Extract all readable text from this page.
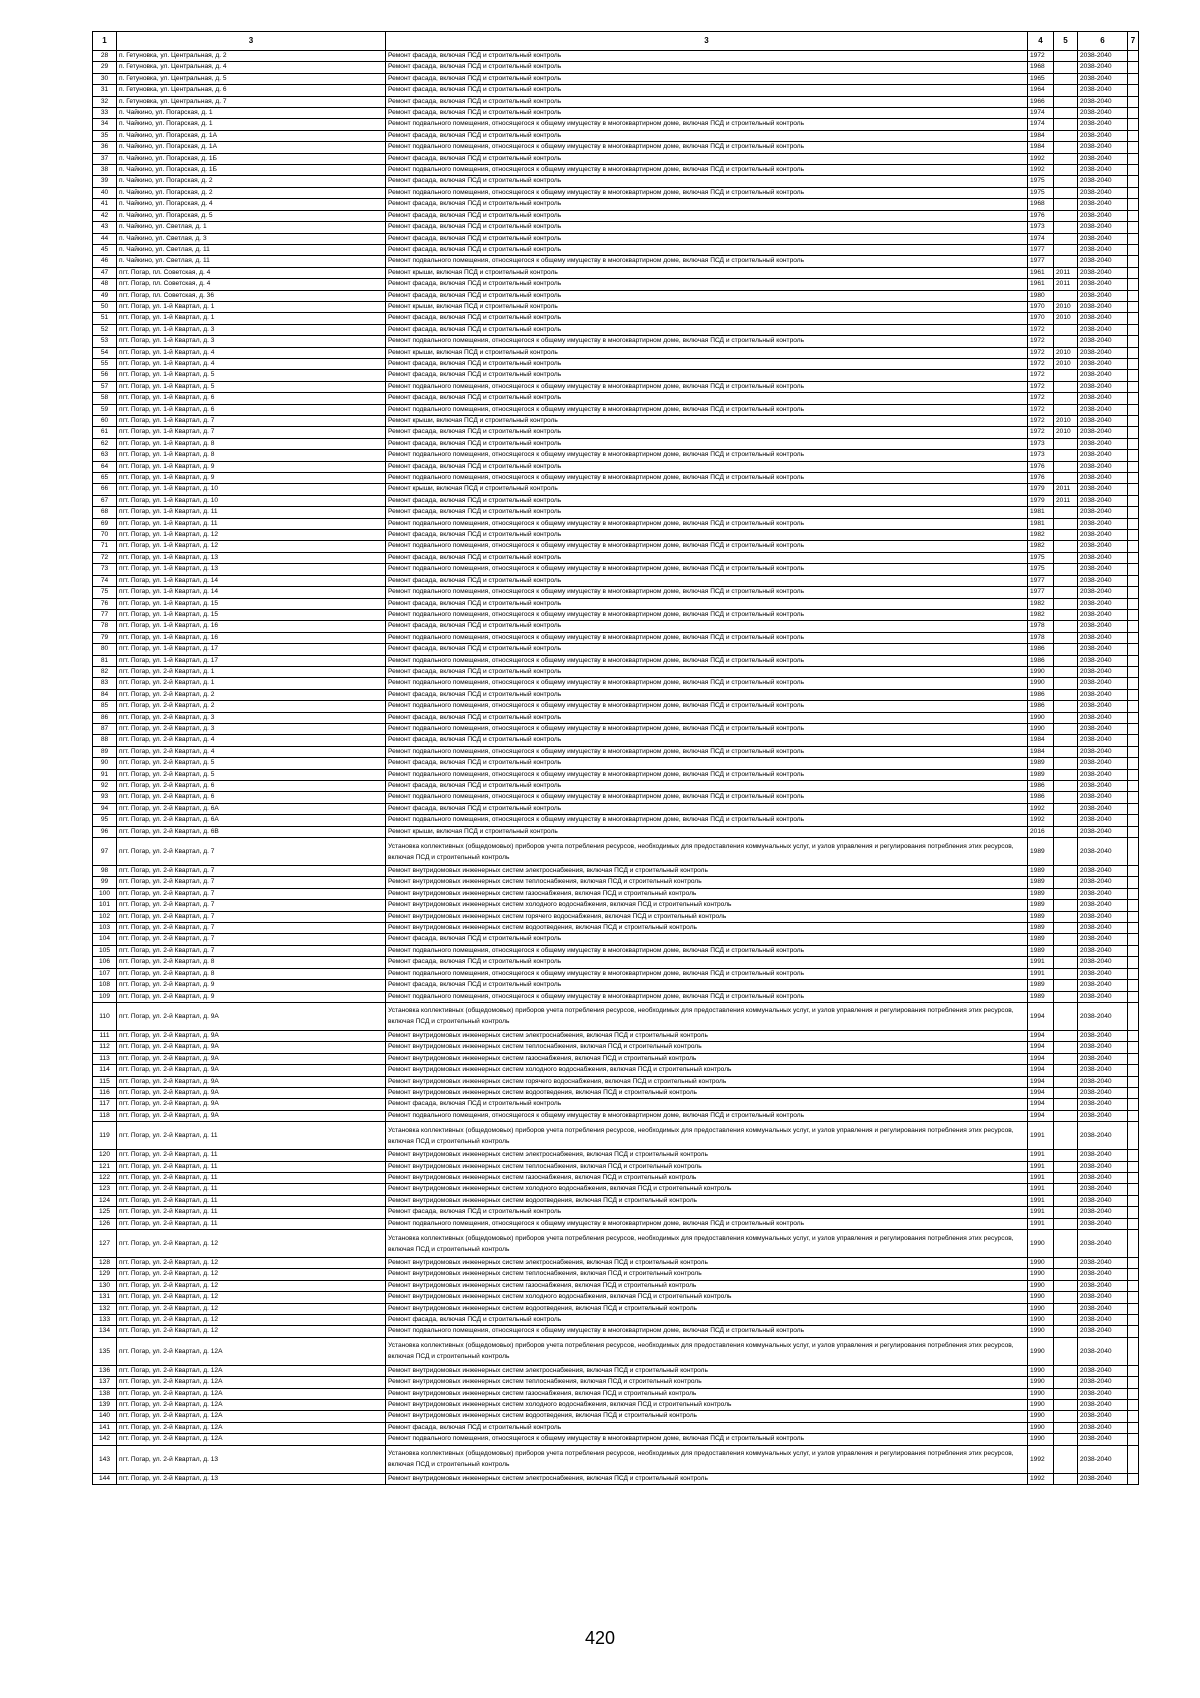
1	3	3	4	5	6	7
28	п. Гетуновка, ул. Центральная, д. 2	Ремонт фасада, включая ПСД и строительный контроль	1972		2038-2040	
29	п. Гетуновка, ул. Центральная, д. 4	Ремонт фасада, включая ПСД и строительный контроль	1968		2038-2040	
30	п. Гетуновка, ул. Центральная, д. 5	Ремонт фасада, включая ПСД и строительный контроль	1965		2038-2040	
31	п. Гетуновка, ул. Центральная, д. 6	Ремонт фасада, включая ПСД и строительный контроль	1964		2038-2040	
32	п. Гетуновка, ул. Центральная, д. 7	Ремонт фасада, включая ПСД и строительный контроль	1966		2038-2040	
33	п. Чайкино, ул. Погарская, д. 1	Ремонт фасада, включая ПСД и строительный контроль	1974		2038-2040	
34	п. Чайкино, ул. Погарская, д. 1	Ремонт подвального помещения, относящегося к общему имуществу в многоквартирном доме, включая ПСД и строительный контроль	1974		2038-2040	
35	п. Чайкино, ул. Погарская, д. 1А	Ремонт фасада, включая ПСД и строительный контроль	1984		2038-2040	
36	п. Чайкино, ул. Погарская, д. 1А	Ремонт подвального помещения, относящегося к общему имуществу в многоквартирном доме, включая ПСД и строительный контроль	1984		2038-2040	
37	п. Чайкино, ул. Погарская, д. 1Б	Ремонт фасада, включая ПСД и строительный контроль	1992		2038-2040	
38	п. Чайкино, ул. Погарская, д. 1Б	Ремонт подвального помещения, относящегося к общему имуществу в многоквартирном доме, включая ПСД и строительный контроль	1992		2038-2040	
39	п. Чайкино, ул. Погарская, д. 2	Ремонт фасада, включая ПСД и строительный контроль	1975		2038-2040	
40	п. Чайкино, ул. Погарская, д. 2	Ремонт подвального помещения, относящегося к общему имуществу в многоквартирном доме, включая ПСД и строительный контроль	1975		2038-2040	
41	п. Чайкино, ул. Погарская, д. 4	Ремонт фасада, включая ПСД и строительный контроль	1968		2038-2040	
42	п. Чайкино, ул. Погарская, д. 5	Ремонт фасада, включая ПСД и строительный контроль	1976		2038-2040	
43	п. Чайкино, ул. Светлая, д. 1	Ремонт фасада, включая ПСД и строительный контроль	1973		2038-2040	
44	п. Чайкино, ул. Светлая, д. 3	Ремонт фасада, включая ПСД и строительный контроль	1974		2038-2040	
45	п. Чайкино, ул. Светлая, д. 11	Ремонт фасада, включая ПСД и строительный контроль	1977		2038-2040	
46	п. Чайкино, ул. Светлая, д. 11	Ремонт подвального помещения, относящегося к общему имуществу в многоквартирном доме, включая ПСД и строительный контроль	1977		2038-2040	
47	пгт. Погар, пл. Советская, д. 4	Ремонт крыши, включая ПСД и строительный контроль	1961	2011	2038-2040	
48	пгт. Погар, пл. Советская, д. 4	Ремонт фасада, включая ПСД и строительный контроль	1961	2011	2038-2040	
49	пгт. Погар, пл. Советская, д. 36	Ремонт фасада, включая ПСД и строительный контроль	1980		2038-2040	
50	пгт. Погар, ул. 1-й Квартал, д. 1	Ремонт крыши, включая ПСД и строительный контроль	1970	2010	2038-2040	
51	пгт. Погар, ул. 1-й Квартал, д. 1	Ремонт фасада, включая ПСД и строительный контроль	1970	2010	2038-2040	
52	пгт. Погар, ул. 1-й Квартал, д. 3	Ремонт фасада, включая ПСД и строительный контроль	1972		2038-2040	
53	пгт. Погар, ул. 1-й Квартал, д. 3	Ремонт подвального помещения, относящегося к общему имуществу в многоквартирном доме, включая ПСД и строительный контроль	1972		2038-2040	
54	пгт. Погар, ул. 1-й Квартал, д. 4	Ремонт крыши, включая ПСД и строительный контроль	1972	2010	2038-2040	
55	пгт. Погар, ул. 1-й Квартал, д. 4	Ремонт фасада, включая ПСД и строительный контроль	1972	2010	2038-2040	
56	пгт. Погар, ул. 1-й Квартал, д. 5	Ремонт фасада, включая ПСД и строительный контроль	1972		2038-2040	
57	пгт. Погар, ул. 1-й Квартал, д. 5	Ремонт подвального помещения, относящегося к общему имуществу в многоквартирном доме, включая ПСД и строительный контроль	1972		2038-2040	
58	пгт. Погар, ул. 1-й Квартал, д. 6	Ремонт фасада, включая ПСД и строительный контроль	1972		2038-2040	
59	пгт. Погар, ул. 1-й Квартал, д. 6	Ремонт подвального помещения, относящегося к общему имуществу в многоквартирном доме, включая ПСД и строительный контроль	1972		2038-2040	
60	пгт. Погар, ул. 1-й Квартал, д. 7	Ремонт крыши, включая ПСД и строительный контроль	1972	2010	2038-2040	
61	пгт. Погар, ул. 1-й Квартал, д. 7	Ремонт фасада, включая ПСД и строительный контроль	1972	2010	2038-2040	
62	пгт. Погар, ул. 1-й Квартал, д. 8	Ремонт фасада, включая ПСД и строительный контроль	1973		2038-2040	
63	пгт. Погар, ул. 1-й Квартал, д. 8	Ремонт подвального помещения, относящегося к общему имуществу в многоквартирном доме, включая ПСД и строительный контроль	1973		2038-2040	
64	пгт. Погар, ул. 1-й Квартал, д. 9	Ремонт фасада, включая ПСД и строительный контроль	1976		2038-2040	
65	пгт. Погар, ул. 1-й Квартал, д. 9	Ремонт подвального помещения, относящегося к общему имуществу в многоквартирном доме, включая ПСД и строительный контроль	1976		2038-2040	
66	пгт. Погар, ул. 1-й Квартал, д. 10	Ремонт крыши, включая ПСД и строительный контроль	1979	2011	2038-2040	
67	пгт. Погар, ул. 1-й Квартал, д. 10	Ремонт фасада, включая ПСД и строительный контроль	1979	2011	2038-2040	
68	пгт. Погар, ул. 1-й Квартал, д. 11	Ремонт фасада, включая ПСД и строительный контроль	1981		2038-2040	
69	пгт. Погар, ул. 1-й Квартал, д. 11	Ремонт подвального помещения, относящегося к общему имуществу в многоквартирном доме, включая ПСД и строительный контроль	1981		2038-2040	
70	пгт. Погар, ул. 1-й Квартал, д. 12	Ремонт фасада, включая ПСД и строительный контроль	1982		2038-2040	
71	пгт. Погар, ул. 1-й Квартал, д. 12	Ремонт подвального помещения, относящегося к общему имуществу в многоквартирном доме, включая ПСД и строительный контроль	1982		2038-2040	
72	пгт. Погар, ул. 1-й Квартал, д. 13	Ремонт фасада, включая ПСД и строительный контроль	1975		2038-2040	
73	пгт. Погар, ул. 1-й Квартал, д. 13	Ремонт подвального помещения, относящегося к общему имуществу в многоквартирном доме, включая ПСД и строительный контроль	1975		2038-2040	
74	пгт. Погар, ул. 1-й Квартал, д. 14	Ремонт фасада, включая ПСД и строительный контроль	1977		2038-2040	
75	пгт. Погар, ул. 1-й Квартал, д. 14	Ремонт подвального помещения, относящегося к общему имуществу в многоквартирном доме, включая ПСД и строительный контроль	1977		2038-2040	
76	пгт. Погар, ул. 1-й Квартал, д. 15	Ремонт фасада, включая ПСД и строительный контроль	1982		2038-2040	
77	пгт. Погар, ул. 1-й Квартал, д. 15	Ремонт подвального помещения, относящегося к общему имуществу в многоквартирном доме, включая ПСД и строительный контроль	1982		2038-2040	
78	пгт. Погар, ул. 1-й Квартал, д. 16	Ремонт фасада, включая ПСД и строительный контроль	1978		2038-2040	
79	пгт. Погар, ул. 1-й Квартал, д. 16	Ремонт подвального помещения, относящегося к общему имуществу в многоквартирном доме, включая ПСД и строительный контроль	1978		2038-2040	
80	пгт. Погар, ул. 1-й Квартал, д. 17	Ремонт фасада, включая ПСД и строительный контроль	1986		2038-2040	
81	пгт. Погар, ул. 1-й Квартал, д. 17	Ремонт подвального помещения, относящегося к общему имуществу в многоквартирном доме, включая ПСД и строительный контроль	1986		2038-2040	
82	пгт. Погар, ул. 2-й Квартал, д. 1	Ремонт фасада, включая ПСД и строительный контроль	1990		2038-2040	
83	пгт. Погар, ул. 2-й Квартал, д. 1	Ремонт подвального помещения, относящегося к общему имуществу в многоквартирном доме, включая ПСД и строительный контроль	1990		2038-2040	
84	пгт. Погар, ул. 2-й Квартал, д. 2	Ремонт фасада, включая ПСД и строительный контроль	1986		2038-2040	
85	пгт. Погар, ул. 2-й Квартал, д. 2	Ремонт подвального помещения, относящегося к общему имуществу в многоквартирном доме, включая ПСД и строительный контроль	1986		2038-2040	
86	пгт. Погар, ул. 2-й Квартал, д. 3	Ремонт фасада, включая ПСД и строительный контроль	1990		2038-2040	
87	пгт. Погар, ул. 2-й Квартал, д. 3	Ремонт подвального помещения, относящегося к общему имуществу в многоквартирном доме, включая ПСД и строительный контроль	1990		2038-2040	
88	пгт. Погар, ул. 2-й Квартал, д. 4	Ремонт фасада, включая ПСД и строительный контроль	1984		2038-2040	
89	пгт. Погар, ул. 2-й Квартал, д. 4	Ремонт подвального помещения, относящегося к общему имуществу в многоквартирном доме, включая ПСД и строительный контроль	1984		2038-2040	
90	пгт. Погар, ул. 2-й Квартал, д. 5	Ремонт фасада, включая ПСД и строительный контроль	1989		2038-2040	
91	пгт. Погар, ул. 2-й Квартал, д. 5	Ремонт подвального помещения, относящегося к общему имуществу в многоквартирном доме, включая ПСД и строительный контроль	1989		2038-2040	
92	пгт. Погар, ул. 2-й Квартал, д. 6	Ремонт фасада, включая ПСД и строительный контроль	1986		2038-2040	
93	пгт. Погар, ул. 2-й Квартал, д. 6	Ремонт подвального помещения, относящегося к общему имуществу в многоквартирном доме, включая ПСД и строительный контроль	1986		2038-2040	
94	пгт. Погар, ул. 2-й Квартал, д. 6А	Ремонт фасада, включая ПСД и строительный контроль	1992		2038-2040	
95	пгт. Погар, ул. 2-й Квартал, д. 6А	Ремонт подвального помещения, относящегося к общему имуществу в многоквартирном доме, включая ПСД и строительный контроль	1992		2038-2040	
96	пгт. Погар, ул. 2-й Квартал, д. 6В	Ремонт крыши, включая ПСД и строительный контроль	2016		2038-2040	
97	пгт. Погар, ул. 2-й Квартал, д. 7	Установка коллективных (общедомовых) приборов учета потребления ресурсов, необходимых для предоставления коммунальных услуг, и узлов управления и регулирования потребления этих ресурсов, включая ПСД и строительный контроль	1989		2038-2040	
98	пгт. Погар, ул. 2-й Квартал, д. 7	Ремонт внутридомовых инженерных систем электроснабжения, включая ПСД и строительный контроль	1989		2038-2040	
99	пгт. Погар, ул. 2-й Квартал, д. 7	Ремонт внутридомовых инженерных систем теплоснабжения, включая ПСД и строительный контроль	1989		2038-2040	
100	пгт. Погар, ул. 2-й Квартал, д. 7	Ремонт внутридомовых инженерных систем газоснабжения, включая ПСД и строительный контроль	1989		2038-2040	
101	пгт. Погар, ул. 2-й Квартал, д. 7	Ремонт внутридомовых инженерных систем холодного водоснабжения, включая ПСД и строительный контроль	1989		2038-2040	
102	пгт. Погар, ул. 2-й Квартал, д. 7	Ремонт внутридомовых инженерных систем горячего водоснабжения, включая ПСД и строительный контроль	1989		2038-2040	
103	пгт. Погар, ул. 2-й Квартал, д. 7	Ремонт внутридомовых инженерных систем водоотведения, включая ПСД и строительный контроль	1989		2038-2040	
104	пгт. Погар, ул. 2-й Квартал, д. 7	Ремонт фасада, включая ПСД и строительный контроль	1989		2038-2040	
105	пгт. Погар, ул. 2-й Квартал, д. 7	Ремонт подвального помещения, относящегося к общему имуществу в многоквартирном доме, включая ПСД и строительный контроль	1989		2038-2040	
106	пгт. Погар, ул. 2-й Квартал, д. 8	Ремонт фасада, включая ПСД и строительный контроль	1991		2038-2040	
107	пгт. Погар, ул. 2-й Квартал, д. 8	Ремонт подвального помещения, относящегося к общему имуществу в многоквартирном доме, включая ПСД и строительный контроль	1991		2038-2040	
108	пгт. Погар, ул. 2-й Квартал, д. 9	Ремонт фасада, включая ПСД и строительный контроль	1989		2038-2040	
109	пгт. Погар, ул. 2-й Квартал, д. 9	Ремонт подвального помещения, относящегося к общему имуществу в многоквартирном доме, включая ПСД и строительный контроль	1989		2038-2040	
110	пгт. Погар, ул. 2-й Квартал, д. 9А	Установка коллективных (общедомовых) приборов учета потребления ресурсов, необходимых для предоставления коммунальных услуг, и узлов управления и регулирования потребления этих ресурсов, включая ПСД и строительный контроль	1994		2038-2040	
111	пгт. Погар, ул. 2-й Квартал, д. 9А	Ремонт внутридомовых инженерных систем электроснабжения, включая ПСД и строительный контроль	1994		2038-2040	
112	пгт. Погар, ул. 2-й Квартал, д. 9А	Ремонт внутридомовых инженерных систем теплоснабжения, включая ПСД и строительный контроль	1994		2038-2040	
113	пгт. Погар, ул. 2-й Квартал, д. 9А	Ремонт внутридомовых инженерных систем газоснабжения, включая ПСД и строительный контроль	1994		2038-2040	
114	пгт. Погар, ул. 2-й Квартал, д. 9А	Ремонт внутридомовых инженерных систем холодного водоснабжения, включая ПСД и строительный контроль	1994		2038-2040	
115	пгт. Погар, ул. 2-й Квартал, д. 9А	Ремонт внутридомовых инженерных систем горячего водоснабжения, включая ПСД и строительный контроль	1994		2038-2040	
116	пгт. Погар, ул. 2-й Квартал, д. 9А	Ремонт внутридомовых инженерных систем водоотведения, включая ПСД и строительный контроль	1994		2038-2040	
117	пгт. Погар, ул. 2-й Квартал, д. 9А	Ремонт фасада, включая ПСД и строительный контроль	1994		2038-2040	
118	пгт. Погар, ул. 2-й Квартал, д. 9А	Ремонт подвального помещения, относящегося к общему имуществу в многоквартирном доме, включая ПСД и строительный контроль	1994		2038-2040	
119	пгт. Погар, ул. 2-й Квартал, д. 11	Установка коллективных (общедомовых) приборов учета потребления ресурсов, необходимых для предоставления коммунальных услуг, и узлов управления и регулирования потребления этих ресурсов, включая ПСД и строительный контроль	1991		2038-2040	
120	пгт. Погар, ул. 2-й Квартал, д. 11	Ремонт внутридомовых инженерных систем электроснабжения, включая ПСД и строительный контроль	1991		2038-2040	
121	пгт. Погар, ул. 2-й Квартал, д. 11	Ремонт внутридомовых инженерных систем теплоснабжения, включая ПСД и строительный контроль	1991		2038-2040	
122	пгт. Погар, ул. 2-й Квартал, д. 11	Ремонт внутридомовых инженерных систем газоснабжения, включая ПСД и строительный контроль	1991		2038-2040	
123	пгт. Погар, ул. 2-й Квартал, д. 11	Ремонт внутридомовых инженерных систем холодного водоснабжения, включая ПСД и строительный контроль	1991		2038-2040	
124	пгт. Погар, ул. 2-й Квартал, д. 11	Ремонт внутридомовых инженерных систем водоотведения, включая ПСД и строительный контроль	1991		2038-2040	
125	пгт. Погар, ул. 2-й Квартал, д. 11	Ремонт фасада, включая ПСД и строительный контроль	1991		2038-2040	
126	пгт. Погар, ул. 2-й Квартал, д. 11	Ремонт подвального помещения, относящегося к общему имуществу в многоквартирном доме, включая ПСД и строительный контроль	1991		2038-2040	
127	пгт. Погар, ул. 2-й Квартал, д. 12	Установка коллективных (общедомовых) приборов учета потребления ресурсов, необходимых для предоставления коммунальных услуг, и узлов управления и регулирования потребления этих ресурсов, включая ПСД и строительный контроль	1990		2038-2040	
128	пгт. Погар, ул. 2-й Квартал, д. 12	Ремонт внутридомовых инженерных систем электроснабжения, включая ПСД и строительный контроль	1990		2038-2040	
129	пгт. Погар, ул. 2-й Квартал, д. 12	Ремонт внутридомовых инженерных систем теплоснабжения, включая ПСД и строительный контроль	1990		2038-2040	
130	пгт. Погар, ул. 2-й Квартал, д. 12	Ремонт внутридомовых инженерных систем газоснабжения, включая ПСД и строительный контроль	1990		2038-2040	
131	пгт. Погар, ул. 2-й Квартал, д. 12	Ремонт внутридомовых инженерных систем холодного водоснабжения, включая ПСД и строительный контроль	1990		2038-2040	
132	пгт. Погар, ул. 2-й Квартал, д. 12	Ремонт внутридомовых инженерных систем водоотведения, включая ПСД и строительный контроль	1990		2038-2040	
133	пгт. Погар, ул. 2-й Квартал, д. 12	Ремонт фасада, включая ПСД и строительный контроль	1990		2038-2040	
134	пгт. Погар, ул. 2-й Квартал, д. 12	Ремонт подвального помещения, относящегося к общему имуществу в многоквартирном доме, включая ПСД и строительный контроль	1990		2038-2040	
135	пгт. Погар, ул. 2-й Квартал, д. 12А	Установка коллективных (общедомовых) приборов учета потребления ресурсов, необходимых для предоставления коммунальных услуг, и узлов управления и регулирования потребления этих ресурсов, включая ПСД и строительный контроль	1990		2038-2040	
136	пгт. Погар, ул. 2-й Квартал, д. 12А	Ремонт внутридомовых инженерных систем электроснабжения, включая ПСД и строительный контроль	1990		2038-2040	
137	пгт. Погар, ул. 2-й Квартал, д. 12А	Ремонт внутридомовых инженерных систем теплоснабжения, включая ПСД и строительный контроль	1990		2038-2040	
138	пгт. Погар, ул. 2-й Квартал, д. 12А	Ремонт внутридомовых инженерных систем газоснабжения, включая ПСД и строительный контроль	1990		2038-2040	
139	пгт. Погар, ул. 2-й Квартал, д. 12А	Ремонт внутридомовых инженерных систем холодного водоснабжения, включая ПСД и строительный контроль	1990		2038-2040	
140	пгт. Погар, ул. 2-й Квартал, д. 12А	Ремонт внутридомовых инженерных систем водоотведения, включая ПСД и строительный контроль	1990		2038-2040	
141	пгт. Погар, ул. 2-й Квартал, д. 12А	Ремонт фасада, включая ПСД и строительный контроль	1990		2038-2040	
142	пгт. Погар, ул. 2-й Квартал, д. 12А	Ремонт подвального помещения, относящегося к общему имуществу в многоквартирном доме, включая ПСД и строительный контроль	1990		2038-2040	
143	пгт. Погар, ул. 2-й Квартал, д. 13	Установка коллективных (общедомовых) приборов учета потребления ресурсов, необходимых для предоставления коммунальных услуг, и узлов управления и регулирования потребления этих ресурсов, включая ПСД и строительный контроль	1992		2038-2040	
144	пгт. Погар, ул. 2-й Квартал, д. 13	Ремонт внутридомовых инженерных систем электроснабжения, включая ПСД и строительный контроль	1992		2038-2040	
420
